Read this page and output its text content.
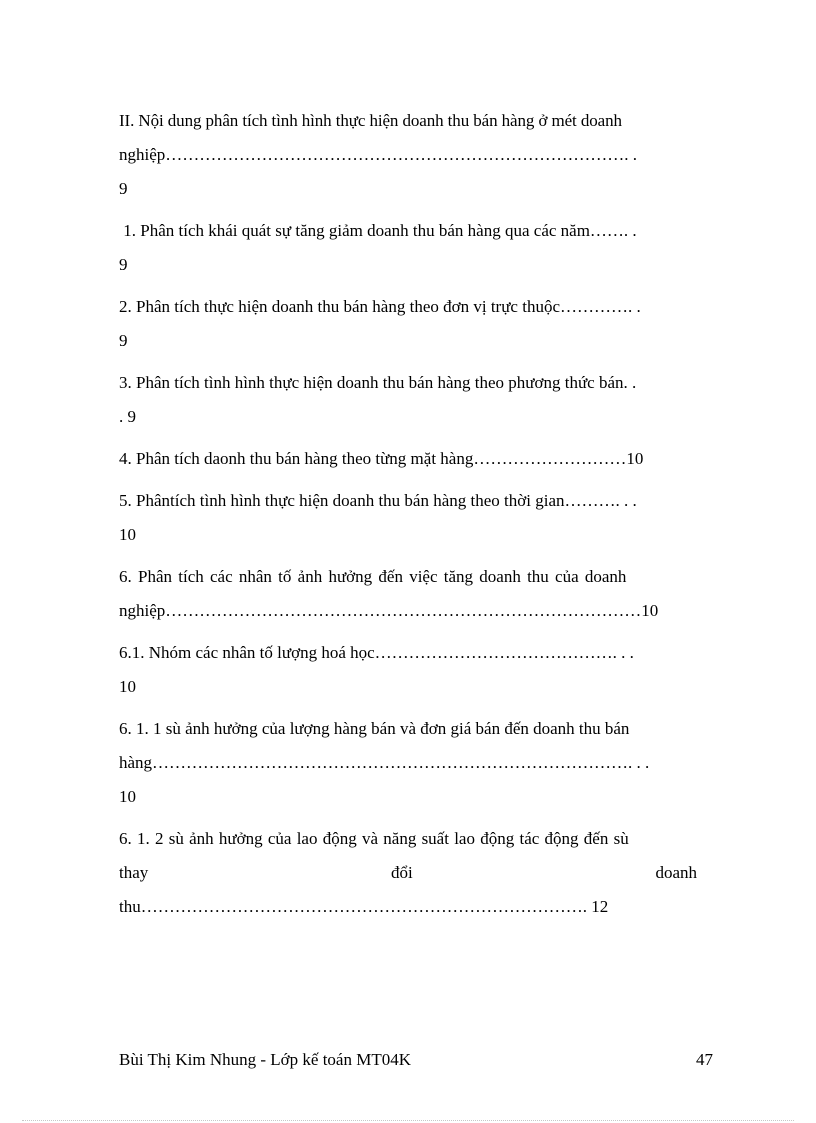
II. Nội dung phân tích tình hình thực hiện doanh thu bán hàng ở mét doanh
nghiệp………………………………………………………………………. .
9
1. Phân tích khái quát sự tăng giảm doanh thu bán hàng qua các năm……. .
9
2. Phân tích thực hiện doanh thu bán hàng theo đơn vị trực thuộc…………. .
9
3. Phân tích tình hình thực hiện doanh thu bán hàng theo phương thức bán. .
. 9
4. Phân tích daonh thu bán hàng theo từng mặt hàng………………………10
5. Phântích tình hình thực hiện doanh thu bán hàng theo thời gian………. . .
10
6. Phân tích các nhân tố ảnh hưởng đến việc tăng doanh thu của doanh
nghiệp…………………………………………………………………………10
6.1. Nhóm các nhân tố lượng hoá học……………………………………. . .
10
6. 1. 1 sù ảnh hưởng của lượng hàng bán và đơn giá bán đến doanh thu bán
hàng…………………………………………………………………………. . .
10
6. 1. 2 sù ảnh hưởng của lao động và năng suất lao động tác động đến sù
thay	đổi	doanh
thu……………………………………………………………………. 12
Bùi Thị Kim Nhung - Lớp kế toán MT04K	47
